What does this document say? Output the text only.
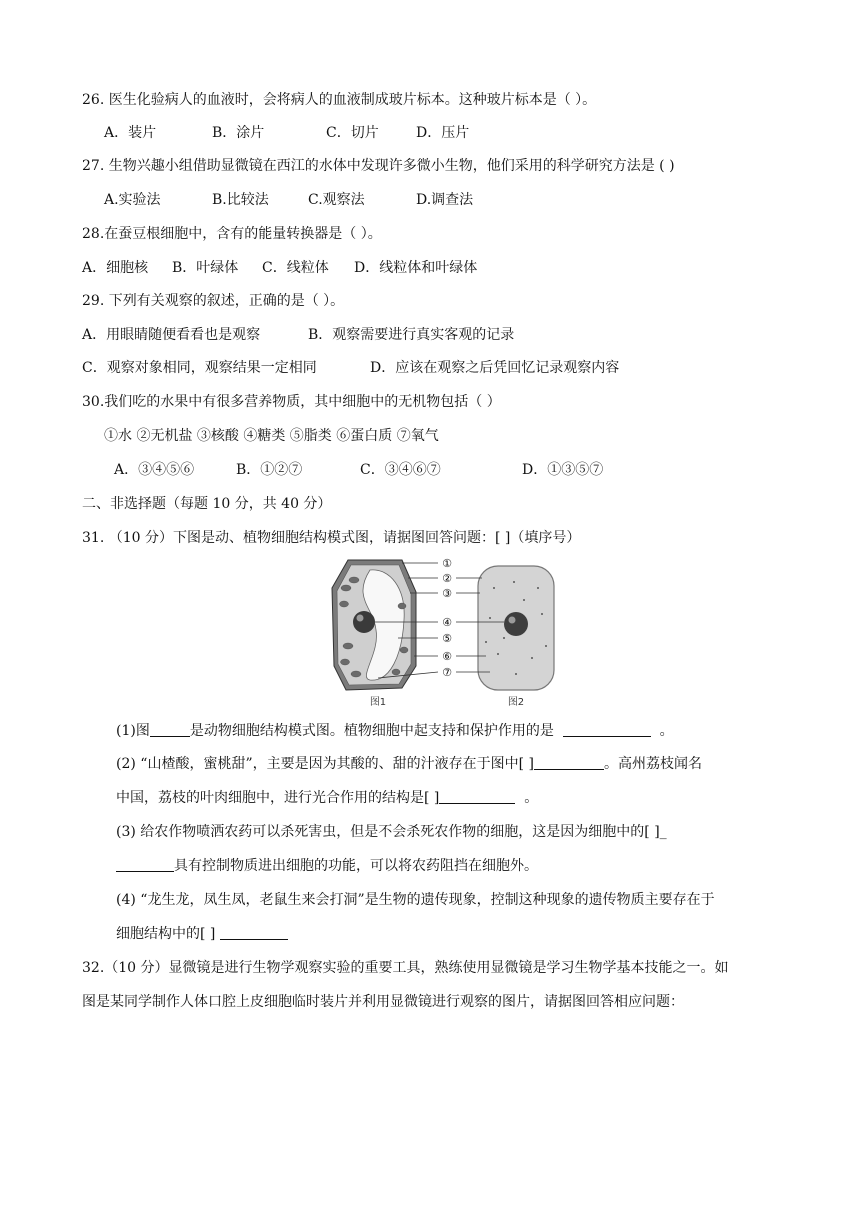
26. 医生化验病人的血液时，会将病人的血液制成玻片标本。这种玻片标本是（ ）。
A．装片	B．涂片	C．切片	D．压片
27. 生物兴趣小组借助显微镜在西江的水体中发现许多微小生物，他们采用的科学研究方法是 ( )
A.实验法	B.比较法	C.观察法	D.调查法
28.在蚕豆根细胞中，含有的能量转换器是（ ）。
A．细胞核 B．叶绿体 C．线粒体 D．线粒体和叶绿体
29. 下列有关观察的叙述，正确的是（ ）。
A．用眼睛随便看看也是观察	B．观察需要进行真实客观的记录
C．观察对象相同，观察结果一定相同	D．应该在观察之后凭回忆记录观察内容
30.我们吃的水果中有很多营养物质，其中细胞中的无机物包括（ ）
①水 ②无机盐 ③核酸 ④糖类 ⑤脂类 ⑥蛋白质 ⑦氧气
A．③④⑤⑥	B．①②⑦	C．③④⑥⑦	D．①③⑤⑦
二、非选择题（每题 10 分，共 40 分）
31. （10 分）下图是动、植物细胞结构模式图，请据图回答问题：[ ]（填序号）
①
②
③
④
⑤
⑥
⑦
图1	图2
(1)图	是动物细胞结构模式图。植物细胞中起支持和保护作用的是	。
(2) “山楂酸，蜜桃甜”，主要是因为其酸的、甜的汁液存在于图中[ ]	。高州荔枝闻名
中国，荔枝的叶肉细胞中，进行光合作用的结构是[ ]	。
(3) 给农作物喷洒农药可以杀死害虫，但是不会杀死农作物的细胞，这是因为细胞中的[ ]_
具有控制物质进出细胞的功能，可以将农药阻挡在细胞外。
(4) “龙生龙，凤生凤，老鼠生来会打洞”是生物的遗传现象，控制这种现象的遗传物质主要存在于
细胞结构中的[ ]
32.（10 分）显微镜是进行生物学观察实验的重要工具，熟练使用显微镜是学习生物学基本技能之一。如
图是某同学制作人体口腔上皮细胞临时装片并利用显微镜进行观察的图片，请据图回答相应问题：
